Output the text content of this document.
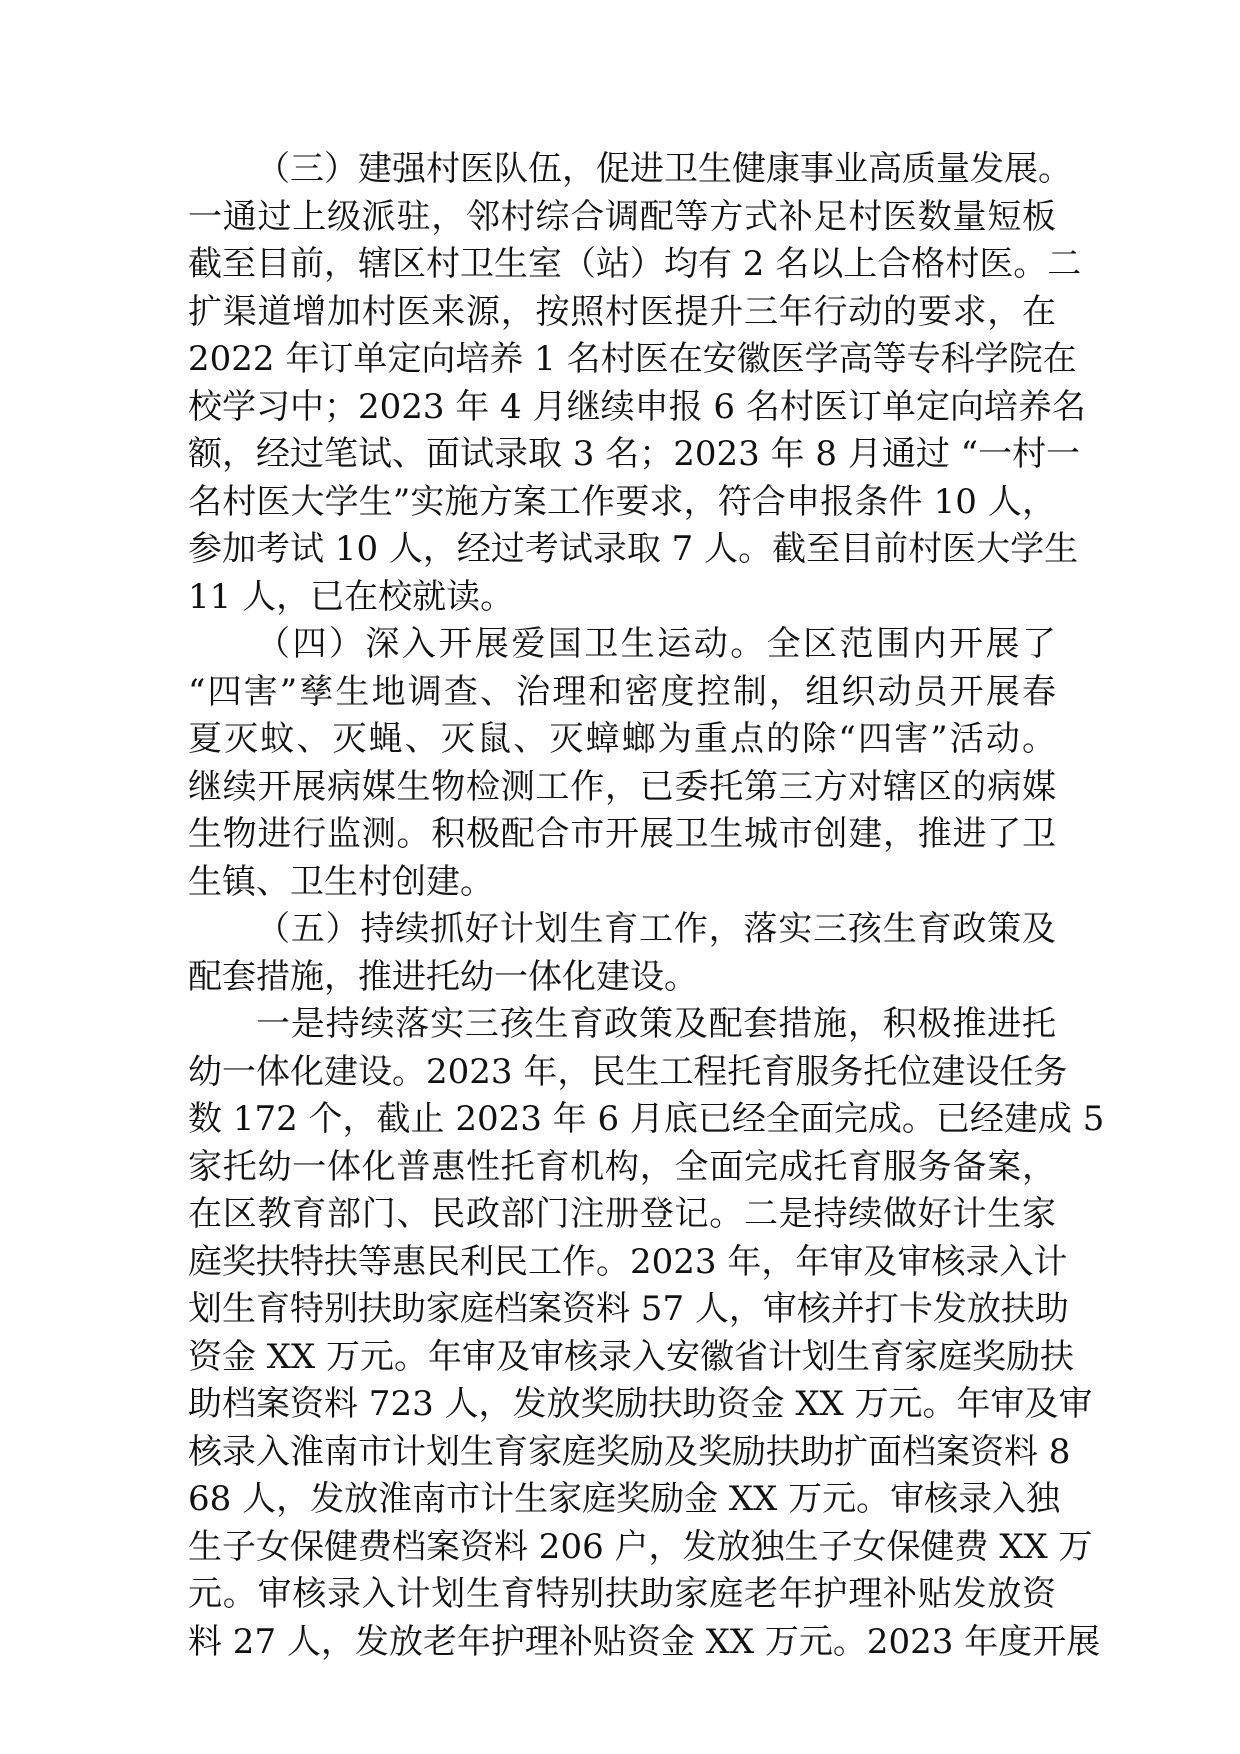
（三）建强村医队伍，促进卫生健康事业高质量发展。
一通过上级派驻，邻村综合调配等方式补足村医数量短板
截至目前，辖区村卫生室（站）均有 2 名以上合格村医。二
扩渠道增加村医来源，按照村医提升三年行动的要求，在
2022 年订单定向培养 1 名村医在安徽医学高等专科学院在
校学习中；2023 年 4 月继续申报 6 名村医订单定向培养名
额，经过笔试、面试录取 3 名；2023 年 8 月通过 “一村一
名村医大学生”实施方案工作要求，符合申报条件 10 人，
参加考试 10 人，经过考试录取 7 人。截至目前村医大学生
11 人，已在校就读。
（四）深入开展爱国卫生运动。全区范围内开展了
“四害”孳生地调查、治理和密度控制，组织动员开展春
夏灭蚊、灭蝇、灭鼠、灭蟑螂为重点的除“四害”活动。
继续开展病媒生物检测工作，已委托第三方对辖区的病媒
生物进行监测。积极配合市开展卫生城市创建，推进了卫
生镇、卫生村创建。
（五）持续抓好计划生育工作，落实三孩生育政策及
配套措施，推进托幼一体化建设。
一是持续落实三孩生育政策及配套措施，积极推进托
幼一体化建设。2023 年，民生工程托育服务托位建设任务
数 172 个，截止 2023 年 6 月底已经全面完成。已经建成 5
家托幼一体化普惠性托育机构，全面完成托育服务备案，
在区教育部门、民政部门注册登记。二是持续做好计生家
庭奖扶特扶等惠民利民工作。2023 年，年审及审核录入计
划生育特别扶助家庭档案资料 57 人，审核并打卡发放扶助
资金 XX 万元。年审及审核录入安徽省计划生育家庭奖励扶
助档案资料 723 人，发放奖励扶助资金 XX 万元。年审及审
核录入淮南市计划生育家庭奖励及奖励扶助扩面档案资料 8
68 人，发放淮南市计生家庭奖励金 XX 万元。审核录入独
生子女保健费档案资料 206 户，发放独生子女保健费 XX 万
元。审核录入计划生育特别扶助家庭老年护理补贴发放资
料 27 人，发放老年护理补贴资金 XX 万元。2023 年度开展
